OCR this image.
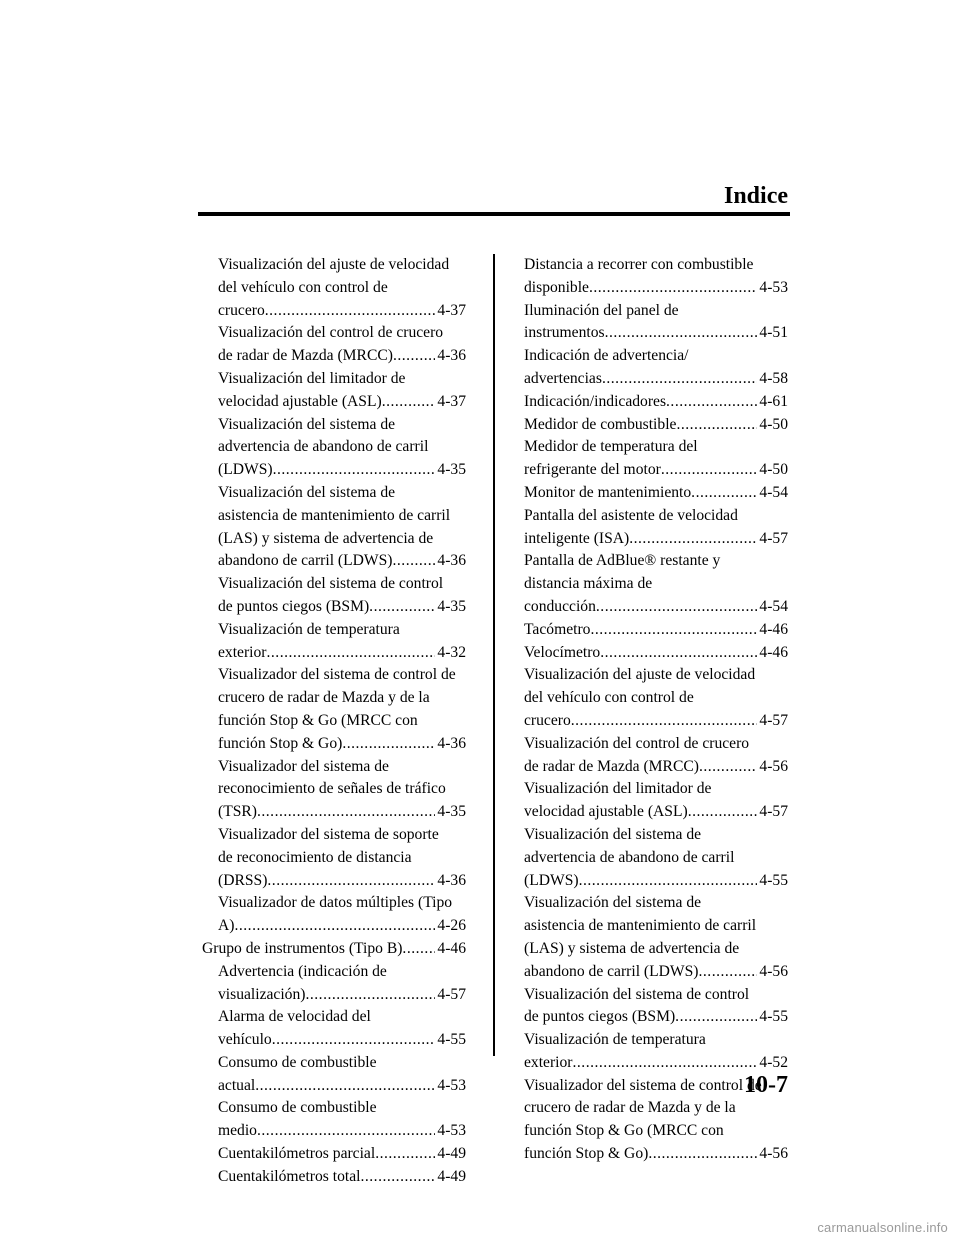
Indice
Visualización del ajuste de velocidad
del vehículo con control de
crucero .....	4-37
Visualización del control de crucero
de radar de Mazda (MRCC) .....	4-36
Visualización del limitador de
velocidad ajustable (ASL) .....	4-37
Visualización del sistema de
advertencia de abandono de carril
(LDWS) .....	4-35
Visualización del sistema de
asistencia de mantenimiento de carril
(LAS) y sistema de advertencia de
abandono de carril (LDWS) .....	4-36
Visualización del sistema de control
de puntos ciegos (BSM) .....	4-35
Visualización de temperatura
exterior .....	4-32
Visualizador del sistema de control de
crucero de radar de Mazda y de la
función Stop & Go (MRCC con
función Stop & Go) .....	4-36
Visualizador del sistema de
reconocimiento de señales de tráfico
(TSR) .....	4-35
Visualizador del sistema de soporte
de reconocimiento de distancia
(DRSS) .....	4-36
Visualizador de datos múltiples (Tipo
A) .....	4-26
Grupo de instrumentos (Tipo B) .....	4-46
Advertencia (indicación de
visualización) .....	4-57
Alarma de velocidad del
vehículo .....	4-55
Consumo de combustible
actual .....	4-53
Consumo de combustible
medio .....	4-53
Cuentakilómetros parcial .....	4-49
Cuentakilómetros total .....	4-49
Distancia a recorrer con combustible
disponible .....	4-53
Iluminación del panel de
instrumentos .....	4-51
Indicación de advertencia/
advertencias .....	4-58
Indicación/indicadores .....	4-61
Medidor de combustible .....	4-50
Medidor de temperatura del
refrigerante del motor .....	4-50
Monitor de mantenimiento .....	4-54
Pantalla del asistente de velocidad
inteligente (ISA) .....	4-57
Pantalla de AdBlue® restante y
distancia máxima de
conducción .....	4-54
Tacómetro .....	4-46
Velocímetro .....	4-46
Visualización del ajuste de velocidad
del vehículo con control de
crucero .....	4-57
Visualización del control de crucero
de radar de Mazda (MRCC) .....	4-56
Visualización del limitador de
velocidad ajustable (ASL) .....	4-57
Visualización del sistema de
advertencia de abandono de carril
(LDWS) .....	4-55
Visualización del sistema de
asistencia de mantenimiento de carril
(LAS) y sistema de advertencia de
abandono de carril (LDWS) .....	4-56
Visualización del sistema de control
de puntos ciegos (BSM) .....	4-55
Visualización de temperatura
exterior .....	4-52
Visualizador del sistema de control de
crucero de radar de Mazda y de la
función Stop & Go (MRCC con
función Stop & Go) .....	4-56
10-7
carmanualsonline.info
